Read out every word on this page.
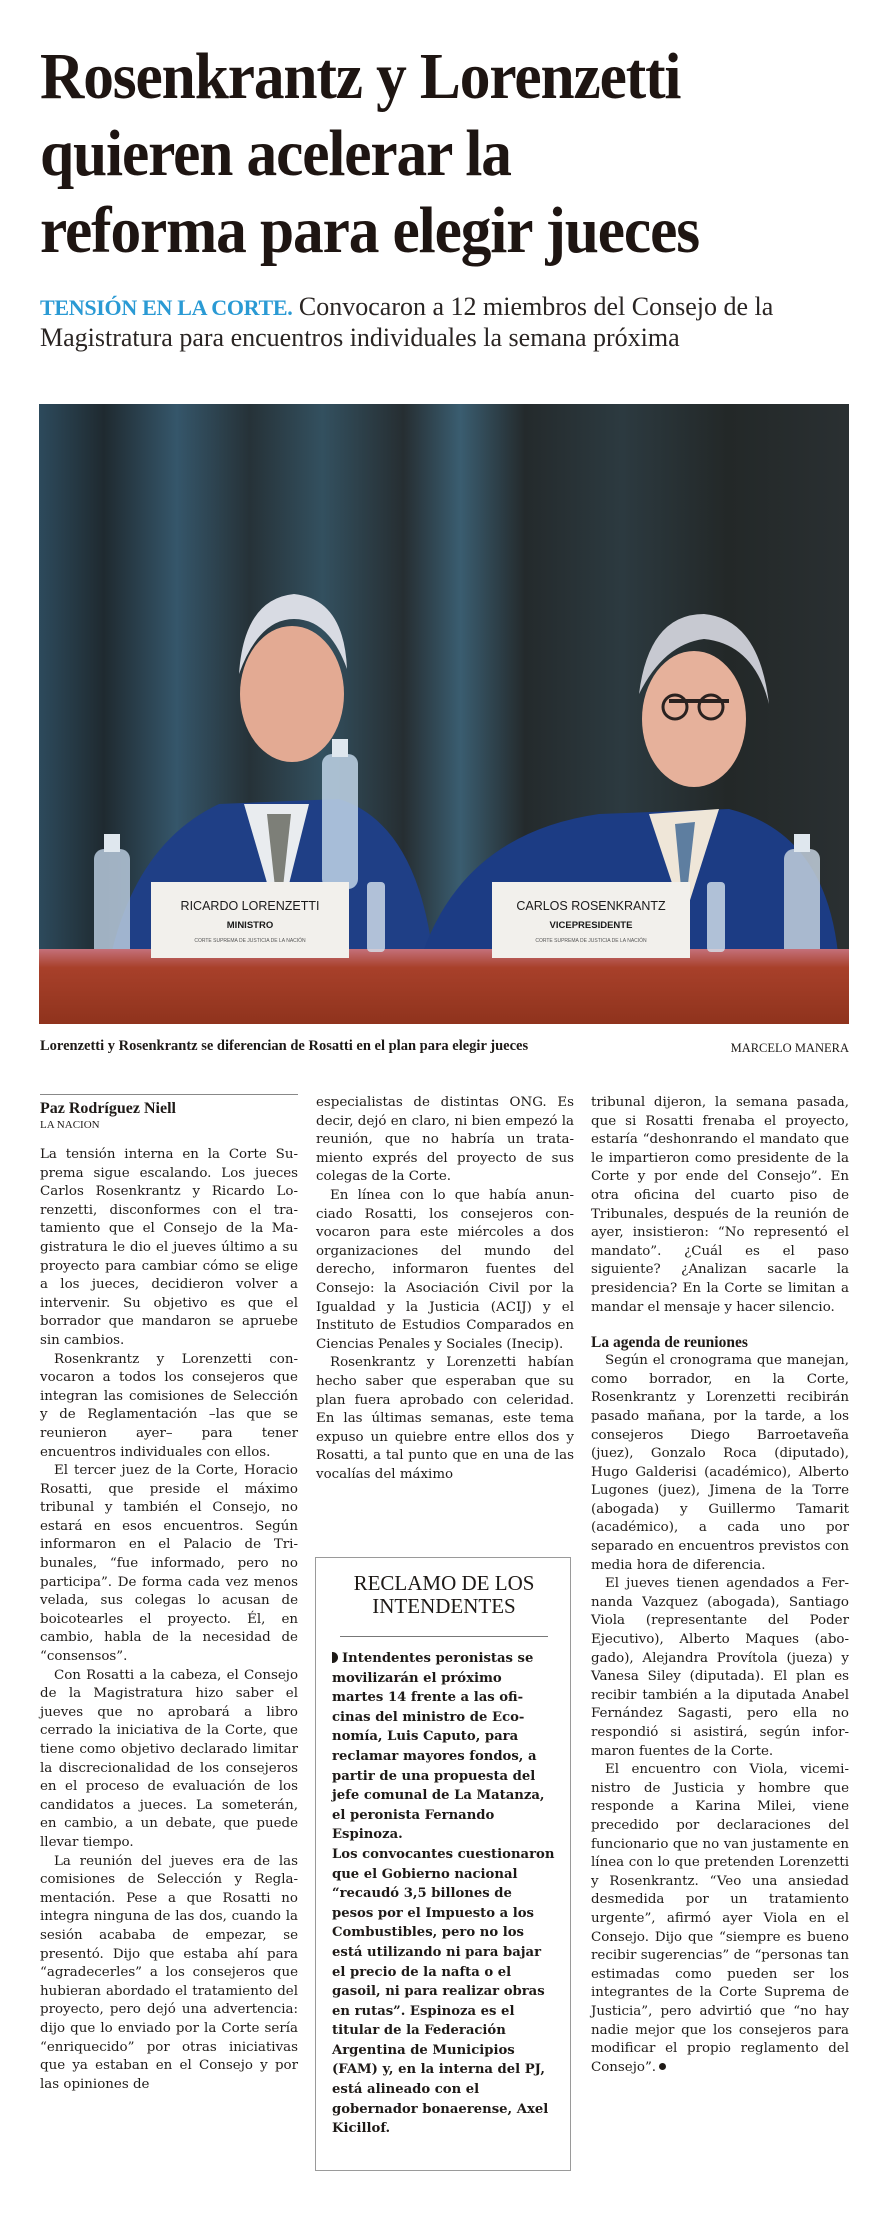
Rosenkrantz y Lorenzetti
quieren acelerar la
reforma para elegir jueces
TENSIÓN EN LA CORTE. Convocaron a 12 miembros del Consejo de la Magistratura para encuentros individuales la semana próxima
RICARDO LORENZETTI
MINISTRO
CORTE SUPREMA DE JUSTICIA DE LA NACIÓN
CARLOS ROSENKRANTZ
VICEPRESIDENTE
CORTE SUPREMA DE JUSTICIA DE LA NACIÓN
Lorenzetti y Rosenkrantz se diferencian de Rosatti en el plan para elegir jueces	MARCELO MANERA
Paz Rodríguez Niell
LA NACION

La tensión interna en la Corte Suprema sigue escalando. Los jueces Carlos Rosenkrantz y Ricardo Lorenzetti, disconformes con el tratamiento que el Consejo de la Magistratura le dio el jueves último a su proyecto para cambiar cómo se elige a los jueces, decidieron volver a intervenir. Su objetivo es que el borrador que mandaron se apruebe sin cambios.

Rosenkrantz y Lorenzetti convocaron a todos los consejeros que integran las comisiones de Selección y de Reglamentación –las que se reunieron ayer– para tener encuentros individuales con ellos.

El tercer juez de la Corte, Horacio Rosatti, que preside el máximo tribunal y también el Consejo, no estará en esos encuentros. Según informaron en el Palacio de Tribunales, “fue informado, pero no participa”. De forma cada vez menos velada, sus colegas lo acusan de boicotearles el proyecto. Él, en cambio, habla de la necesidad de “consensos”.

Con Rosatti a la cabeza, el Consejo de la Magistratura hizo saber el jueves que no aprobará a libro cerrado la iniciativa de la Corte, que tiene como objetivo declarado limitar la discrecionalidad de los consejeros en el proceso de evaluación de los candidatos a jueces. La someterán, en cambio, a un debate, que puede llevar tiempo.

La reunión del jueves era de las comisiones de Selección y Reglamentación. Pese a que Rosatti no integra ninguna de las dos, cuando la sesión acababa de empezar, se presentó. Dijo que estaba ahí para “agradecerles” a los consejeros que hubieran abordado el tratamiento del proyecto, pero dejó una advertencia: dijo que lo enviado por la Corte sería “enriquecido” por otras iniciativas que ya estaban en el Consejo y por las opiniones de

especialistas de distintas ONG. Es decir, dejó en claro, ni bien empezó la reunión, que no habría un tratamiento exprés del proyecto de sus colegas de la Corte.

En línea con lo que había anunciado Rosatti, los consejeros convocaron para este miércoles a dos organizaciones del mundo del derecho, informaron fuentes del Consejo: la Asociación Civil por la Igualdad y la Justicia (ACIJ) y el Instituto de Estudios Comparados en Ciencias Penales y Sociales (Inecip).

Rosenkrantz y Lorenzetti habían hecho saber que esperaban que su plan fuera aprobado con celeridad. En las últimas semanas, este tema expuso un quiebre entre ellos dos y Rosatti, a tal punto que en una de las vocalías del máximo

RECLAMO DE LOS INTENDENTES

Intendentes peronistas se movilizarán el próximo martes 14 frente a las oficinas del ministro de Economía, Luis Caputo, para reclamar mayores fondos, a partir de una propuesta del jefe comunal de La Matanza, el peronista Fernando Espinoza.

Los convocantes cuestionaron que el Gobierno nacional “recaudó 3,5 billones de pesos por el Impuesto a los Combustibles, pero no los está utilizando ni para bajar el precio de la nafta o el gasoil, ni para realizar obras en rutas”. Espinoza es el titular de la Federación Argentina de Municipios (FAM) y, en la interna del PJ, está alineado con el gobernador bonaerense, Axel Kicillof.

tribunal dijeron, la semana pasada, que si Rosatti frenaba el proyecto, estaría “deshonrando el mandato que le impartieron como presidente de la Corte y por ende del Consejo”. En otra oficina del cuarto piso de Tribunales, después de la reunión de ayer, insistieron: “No representó el mandato”. ¿Cuál es el paso siguiente? ¿Analizan sacarle la presidencia? En la Corte se limitan a mandar el mensaje y hacer silencio.

La agenda de reuniones

Según el cronograma que manejan, como borrador, en la Corte, Rosenkrantz y Lorenzetti recibirán pasado mañana, por la tarde, a los consejeros Diego Barroetaveña (juez), Gonzalo Roca (diputado), Hugo Galderisi (académico), Alberto Lugones (juez), Jimena de la Torre (abogada) y Guillermo Tamarit (académico), a cada uno por separado en encuentros previstos con media hora de diferencia.

El jueves tienen agendados a Fernanda Vazquez (abogada), Santiago Viola (representante del Poder Ejecutivo), Alberto Maques (abogado), Alejandra Provítola (jueza) y Vanesa Siley (diputada). El plan es recibir también a la diputada Anabel Fernández Sagasti, pero ella no respondió si asistirá, según informaron fuentes de la Corte.

El encuentro con Viola, viceministro de Justicia y hombre que responde a Karina Milei, viene precedido por declaraciones del funcionario que no van justamente en línea con lo que pretenden Lorenzetti y Rosenkrantz. “Veo una ansiedad desmedida por un tratamiento urgente”, afirmó ayer Viola en el Consejo. Dijo que “siempre es bueno recibir sugerencias” de “personas tan estimadas como pueden ser los integrantes de la Corte Suprema de Justicia”, pero advirtió que “no hay nadie mejor que los consejeros para modificar el propio reglamento del Consejo”.
